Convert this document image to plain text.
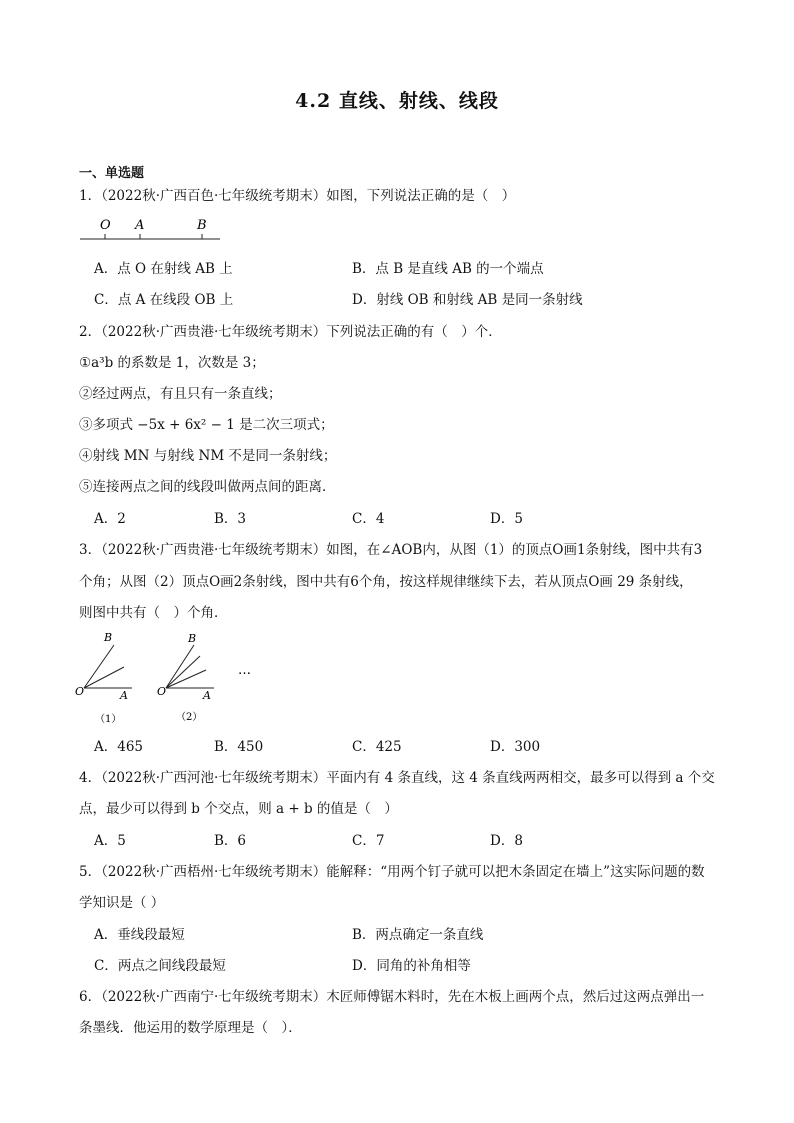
4.2 直线、射线、线段
一、单选题
1．（2022秋·广西百色·七年级统考期末）如图，下列说法正确的是（　）
O A	B
A．点 O 在射线 AB 上	B．点 B 是直线 AB 的一个端点
C．点 A 在线段 OB 上	D．射线 OB 和射线 AB 是同一条射线
2．（2022秋·广西贵港·七年级统考期末）下列说法正确的有（　）个．
①a³b 的系数是 1，次数是 3；
②经过两点，有且只有一条直线；
③多项式 −5x + 6x² − 1 是二次三项式；
④射线 MN 与射线 NM 不是同一条射线；
⑤连接两点之间的线段叫做两点间的距离．
A．2	B．3	C．4	D．5
3．（2022秋·广西贵港·七年级统考期末）如图，在∠AOB内，从图（1）的顶点O画1条射线，图中共有3
个角；从图（2）顶点O画2条射线，图中共有6个角，按这样规律继续下去，若从顶点O画 29 条射线，
则图中共有（　）个角．
B
O	A
（1）
B
O	A
（2）
…
A．465	B．450	C．425	D．300
4．（2022秋·广西河池·七年级统考期末）平面内有 4 条直线，这 4 条直线两两相交，最多可以得到 a 个交
点，最少可以得到 b 个交点，则 a + b 的值是（　）
A．5	B．6	C．7	D．8
5．（2022秋·广西梧州·七年级统考期末）能解释：“用两个钉子就可以把木条固定在墙上”这实际问题的数
学知识是（ ）
A．垂线段最短	B．两点确定一条直线
C．两点之间线段最短	D．同角的补角相等
6．（2022秋·广西南宁·七年级统考期末）木匠师傅锯木料时，先在木板上画两个点，然后过这两点弹出一
条墨线．他运用的数学原理是（　）．
